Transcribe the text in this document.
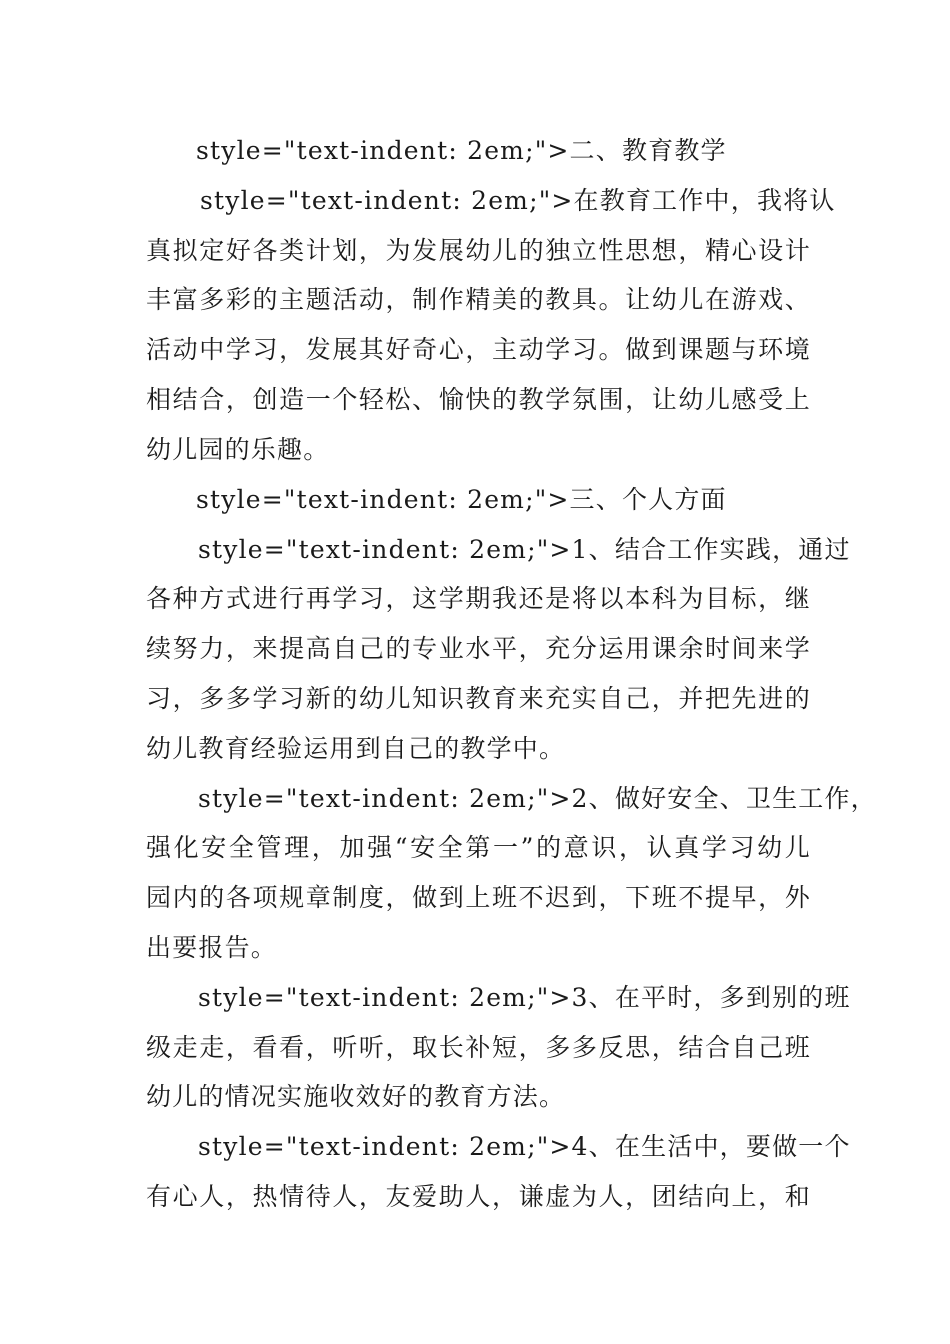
style="text-indent: 2em;">二、教育教学
style="text-indent: 2em;">在教育工作中，我将认
真拟定好各类计划，为发展幼儿的独立性思想，精心设计
丰富多彩的主题活动，制作精美的教具。让幼儿在游戏、
活动中学习，发展其好奇心，主动学习。做到课题与环境
相结合，创造一个轻松、愉快的教学氛围，让幼儿感受上
幼儿园的乐趣。
style="text-indent: 2em;">三、个人方面
style="text-indent: 2em;">1、结合工作实践，通过
各种方式进行再学习，这学期我还是将以本科为目标，继
续努力，来提高自己的专业水平，充分运用课余时间来学
习，多多学习新的幼儿知识教育来充实自己，并把先进的
幼儿教育经验运用到自己的教学中。
style="text-indent: 2em;">2、做好安全、卫生工作，
强化安全管理，加强“安全第一”的意识，认真学习幼儿
园内的各项规章制度，做到上班不迟到，下班不提早，外
出要报告。
style="text-indent: 2em;">3、在平时，多到别的班
级走走，看看，听听，取长补短，多多反思，结合自己班
幼儿的情况实施收效好的教育方法。
style="text-indent: 2em;">4、在生活中，要做一个
有心人，热情待人，友爱助人，谦虚为人，团结向上，和
